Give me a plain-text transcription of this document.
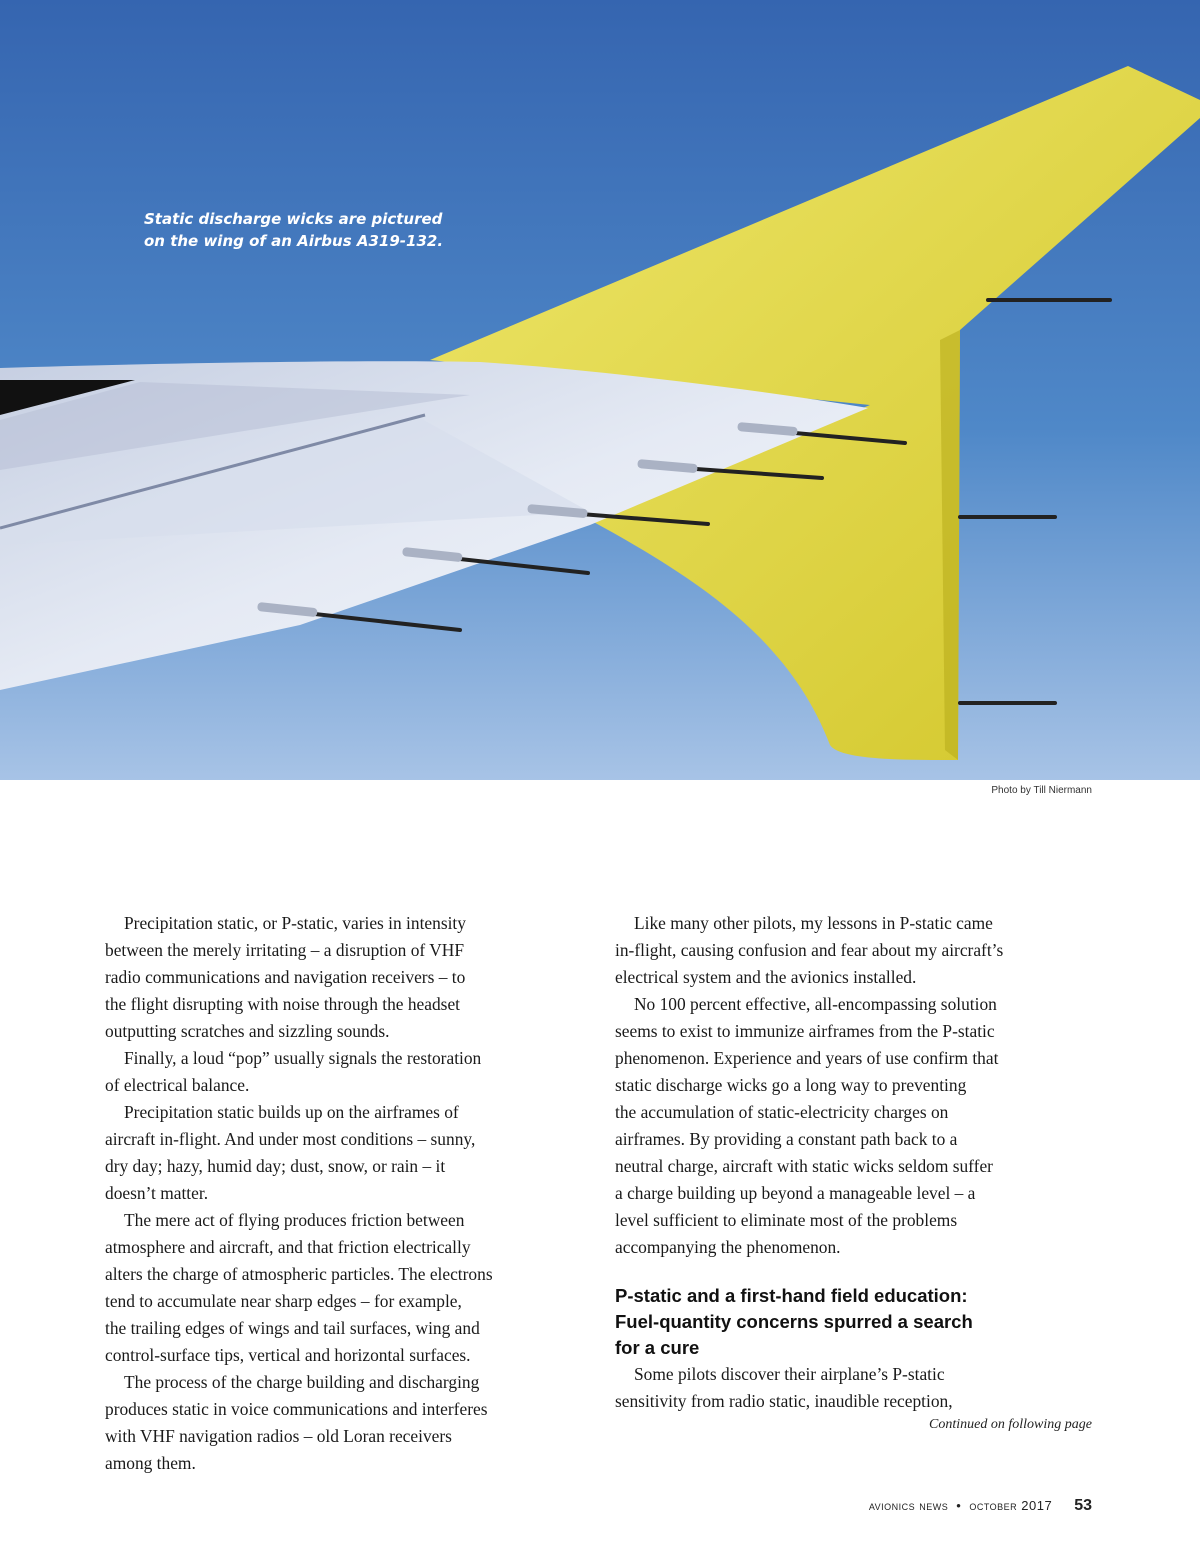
Static discharge wicks are pictured
on the wing of an Airbus A319-132.
Photo by Till Niermann

Precipitation static, or P-static, varies in intensity
between the merely irritating – a disruption of VHF
radio communications and navigation receivers – to
the flight disrupting with noise through the headset
outputting scratches and sizzling sounds.

Finally, a loud “pop” usually signals the restoration
of electrical balance.

Precipitation static builds up on the airframes of
aircraft in-flight. And under most conditions – sunny,
dry day; hazy, humid day; dust, snow, or rain – it
doesn’t matter.

The mere act of flying produces friction between
atmosphere and aircraft, and that friction electrically
alters the charge of atmospheric particles. The electrons
tend to accumulate near sharp edges – for example,
the trailing edges of wings and tail surfaces, wing and
control-surface tips, vertical and horizontal surfaces.

The process of the charge building and discharging
produces static in voice communications and interferes
with VHF navigation radios – old Loran receivers
among them.

Like many other pilots, my lessons in P-static came
in-flight, causing confusion and fear about my aircraft’s
electrical system and the avionics installed.

No 100 percent effective, all-encompassing solution
seems to exist to immunize airframes from the P-static
phenomenon. Experience and years of use confirm that
static discharge wicks go a long way to preventing
the accumulation of static-electricity charges on
airframes. By providing a constant path back to a
neutral charge, aircraft with static wicks seldom suffer
a charge building up beyond a manageable level – a
level sufficient to eliminate most of the problems
accompanying the phenomenon.

P-static and a first-hand field education:
Fuel-quantity concerns spurred a search
for a cure

Some pilots discover their airplane’s P-static
sensitivity from radio static, inaudible reception,

Continued on following page
avionics news • october 2017 53
